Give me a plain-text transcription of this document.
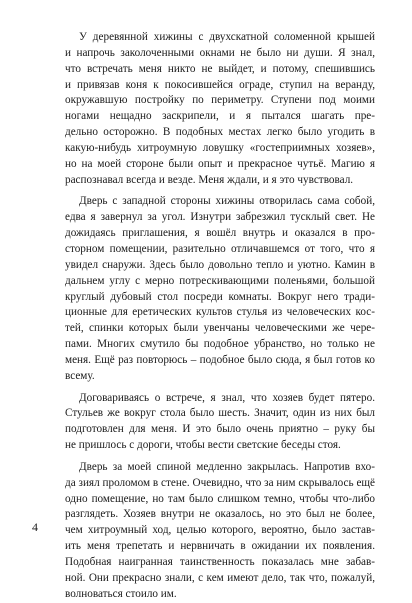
У деревянной хижины с двухскатной соломенной крышей
и напрочь заколоченными окнами не было ни души. Я знал,
что встречать меня никто не выйдет, и потому, спешившись
и привязав коня к покосившейся ограде, ступил на веранду,
окружавшую постройку по периметру. Ступени под моими
ногами нещадно заскрипели, и я пытался шагать пре-
дельно осторожно. В подобных местах легко было угодить в
какую-нибудь хитроумную ловушку «гостеприимных хозяев»,
но на моей стороне были опыт и прекрасное чутьё. Магию я
распознавал всегда и везде. Меня ждали, и я это чувствовал.

Дверь с западной стороны хижины отворилась сама собой,
едва я завернул за угол. Изнутри забрезжил тусклый свет. Не
дожидаясь приглашения, я вошёл внутрь и оказался в про-
сторном помещении, разительно отличавшемся от того, что я
увидел снаружи. Здесь было довольно тепло и уютно. Камин в
дальнем углу с мерно потрескивающими поленьями, большой
круглый дубовый стол посреди комнаты. Вокруг него тради-
ционные для еретических культов стулья из человеческих кос-
тей, спинки которых были увенчаны человеческими же чере-
пами. Многих смутило бы подобное убранство, но только не
меня. Ещё раз повторюсь – подобное было сюда, я был готов ко
всему.

Договариваясь о встрече, я знал, что хозяев будет пятеро.
Стульев же вокруг стола было шесть. Значит, один из них был
подготовлен для меня. И это было очень приятно – руку бы
не пришлось с дороги, чтобы вести светские беседы стоя.

Дверь за моей спиной медленно закрылась. Напротив вхо-
да зиял проломом в стене. Очевидно, что за ним скрывалось ещё
одно помещение, но там было слишком темно, чтобы что-либо
разглядеть. Хозяев внутри не оказалось, но это был не более,
чем хитроумный ход, целью которого, вероятно, было застав-
ить меня трепетать и нервничать в ожидании их появления.
Подобная наигранная таинственность показалась мне забав-
ной. Они прекрасно знали, с кем имеют дело, так что, пожалуй,
волноваться стоило им.

4
